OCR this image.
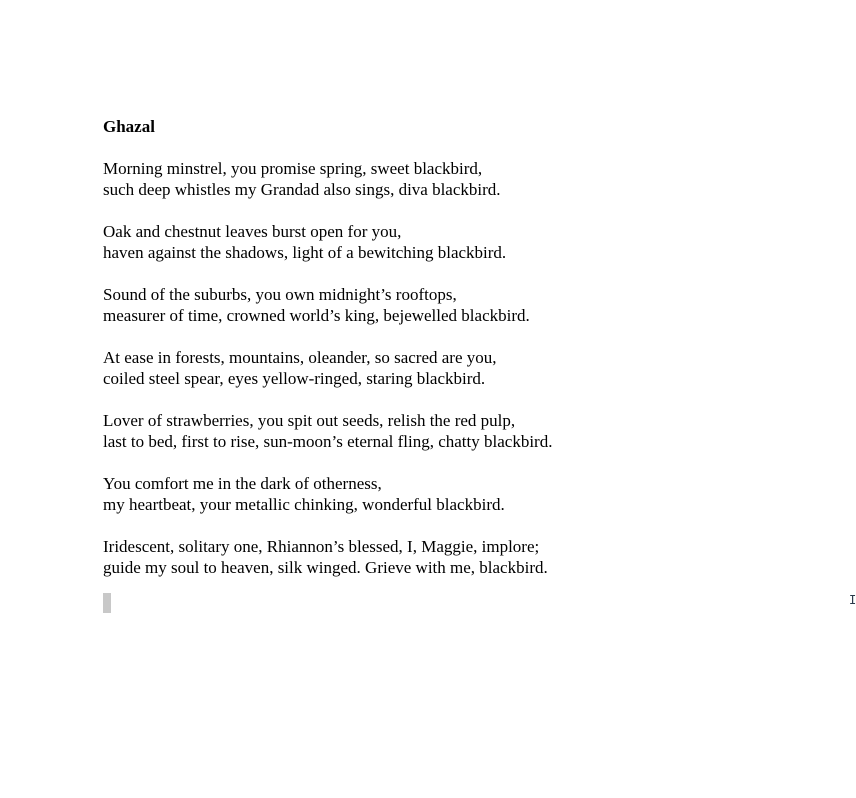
Ghazal

Morning minstrel, you promise spring, sweet blackbird,

such deep whistles my Grandad also sings, diva blackbird.

Oak and chestnut leaves burst open for you,

haven against the shadows, light of a bewitching blackbird.

Sound of the suburbs, you own midnight’s rooftops,

measurer of time, crowned world’s king, bejewelled blackbird.

At ease in forests, mountains, oleander, so sacred are you,

coiled steel spear, eyes yellow-ringed, staring blackbird.

Lover of strawberries, you spit out seeds, relish the red pulp,

last to bed, first to rise, sun-moon’s eternal fling, chatty blackbird.

You comfort me in the dark of otherness,

my heartbeat, your metallic chinking, wonderful blackbird.

Iridescent, solitary one, Rhiannon’s blessed, I, Maggie, implore;

guide my soul to heaven, silk winged. Grieve with me, blackbird.

I
